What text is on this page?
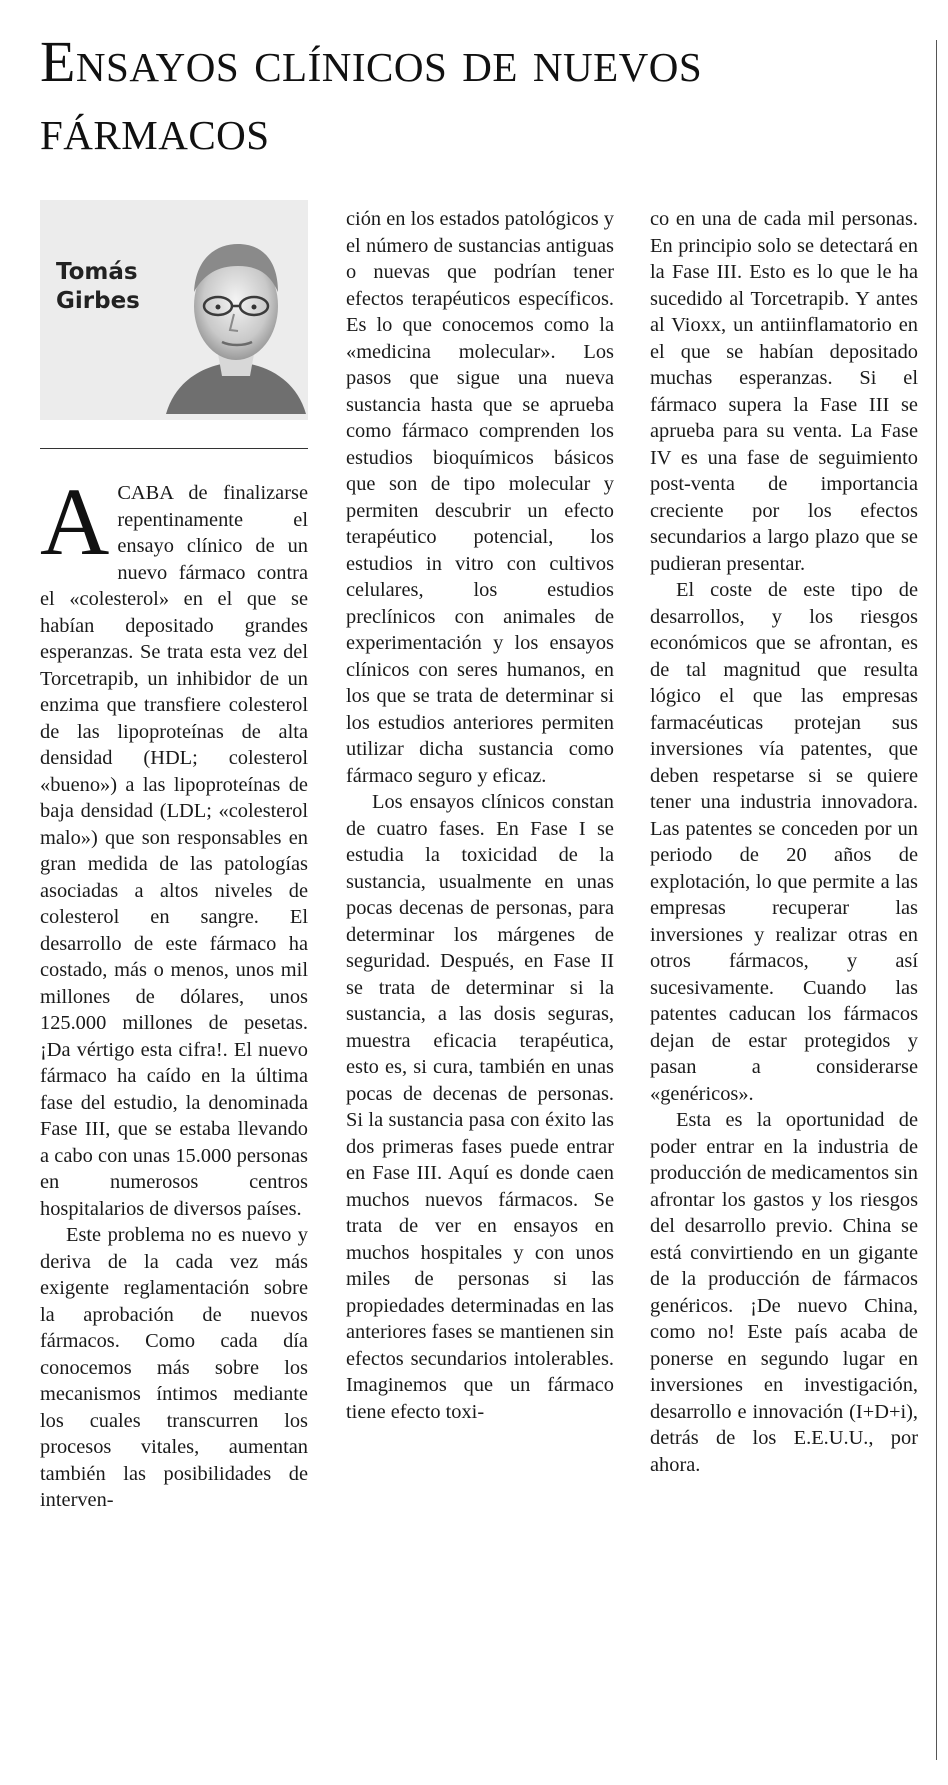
Ensayos clínicos de nuevos fármacos
Tomás
Girbes

ACABA de finalizarse repentinamente el ensayo clínico de un nuevo fármaco contra el «colesterol» en el que se habían depositado grandes esperanzas. Se trata esta vez del Torcetrapib, un inhibidor de un enzima que transfiere colesterol de las lipoproteínas de alta densidad (HDL; colesterol «bueno») a las lipoproteínas de baja densidad (LDL; «colesterol malo») que son responsables en gran medida de las patologías asociadas a altos niveles de colesterol en sangre. El desarrollo de este fármaco ha costado, más o menos, unos mil millones de dólares, unos 125.000 millones de pesetas. ¡Da vértigo esta cifra!. El nuevo fármaco ha caído en la última fase del estudio, la denominada Fase III, que se estaba llevando a cabo con unas 15.000 personas en numerosos centros hospitalarios de diversos países.

Este problema no es nuevo y deriva de la cada vez más exigente reglamentación sobre la aprobación de nuevos fármacos. Como cada día conocemos más sobre los mecanismos íntimos mediante los cuales transcurren los procesos vitales, aumentan también las posibilidades de interven-

ción en los estados patológicos y el número de sustancias antiguas o nuevas que podrían tener efectos terapéuticos específicos. Es lo que conocemos como la «medicina molecular». Los pasos que sigue una nueva sustancia hasta que se aprueba como fármaco comprenden los estudios bioquímicos básicos que son de tipo molecular y permiten descubrir un efecto terapéutico potencial, los estudios in vitro con cultivos celulares, los estudios preclínicos con animales de experimentación y los ensayos clínicos con seres humanos, en los que se trata de determinar si los estudios anteriores permiten utilizar dicha sustancia como fármaco seguro y eficaz.

Los ensayos clínicos constan de cuatro fases. En Fase I se estudia la toxicidad de la sustancia, usualmente en unas pocas decenas de personas, para determinar los márgenes de seguridad. Después, en Fase II se trata de determinar si la sustancia, a las dosis seguras, muestra eficacia terapéutica, esto es, si cura, también en unas pocas de decenas de personas. Si la sustancia pasa con éxito las dos primeras fases puede entrar en Fase III. Aquí es donde caen muchos nuevos fármacos. Se trata de ver en ensayos en muchos hospitales y con unos miles de personas si las propiedades determinadas en las anteriores fases se mantienen sin efectos secundarios intolerables. Imaginemos que un fármaco tiene efecto toxi-

co en una de cada mil personas. En principio solo se detectará en la Fase III. Esto es lo que le ha sucedido al Torcetrapib. Y antes al Vioxx, un antiinflamatorio en el que se habían depositado muchas esperanzas. Si el fármaco supera la Fase III se aprueba para su venta. La Fase IV es una fase de seguimiento post-venta de importancia creciente por los efectos secundarios a largo plazo que se pudieran presentar.

El coste de este tipo de desarrollos, y los riesgos económicos que se afrontan, es de tal magnitud que resulta lógico el que las empresas farmacéuticas protejan sus inversiones vía patentes, que deben respetarse si se quiere tener una industria innovadora. Las patentes se conceden por un periodo de 20 años de explotación, lo que permite a las empresas recuperar las inversiones y realizar otras en otros fármacos, y así sucesivamente. Cuando las patentes caducan los fármacos dejan de estar protegidos y pasan a considerarse «genéricos».

Esta es la oportunidad de poder entrar en la industria de producción de medicamentos sin afrontar los gastos y los riesgos del desarrollo previo. China se está convirtiendo en un gigante de la producción de fármacos genéricos. ¡De nuevo China, como no! Este país acaba de ponerse en segundo lugar en inversiones en investigación, desarrollo e innovación (I+D+i), detrás de los E.E.U.U., por ahora.
